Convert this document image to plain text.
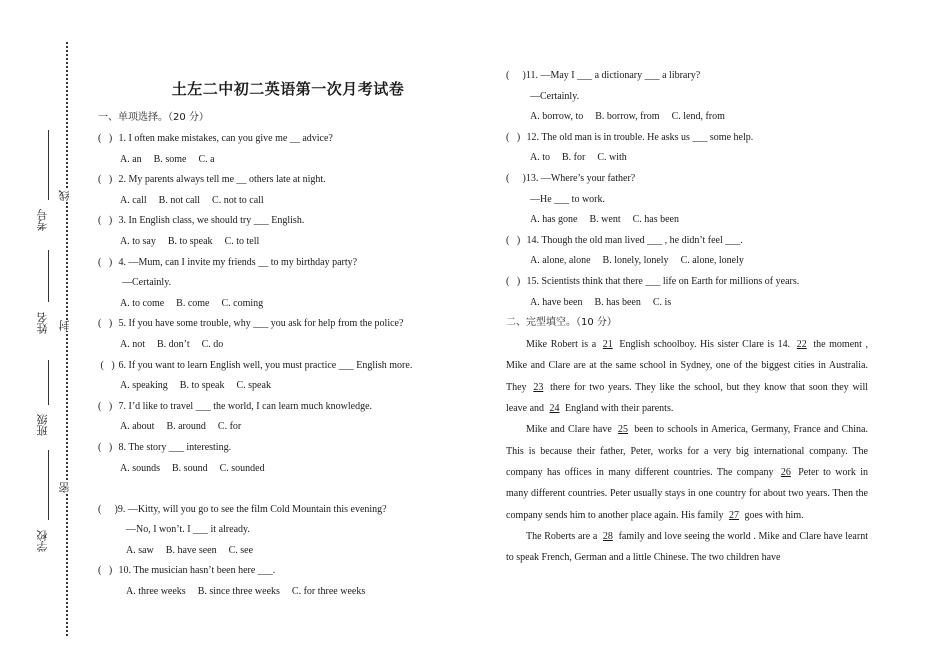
考号
姓名
班级
学校
线
封
密
土左二中初二英语第一次月考试卷
一、单项选择。（20 分）
(   ) 1. I often make mistakes, can you give me __ advice?
A. an B. some C. a
(   ) 2. My parents always tell me __ others late at night.
A. call B. not call C. not to call
(   ) 3. In English class, we should try ___ English.
A. to say B. to speak C. to tell
(   ) 4. —Mum, can I invite my friends __ to my birthday party?
—Certainly.
A. to come B. come C. coming
(   ) 5. If you have some trouble, why ___ you ask for help from the police?
A. not B. don’t C. do
(   ) 6. If you want to learn English well, you must practice ___ English more.
A. speaking B. to speak C. speak
(   ) 7. I’d like to travel ___ the world, I can learn much knowledge.
A. about B. around C. for
(   ) 8. The story ___ interesting.
A. sounds B. sound C. sounded
(    )9. —Kitty, will you go to see the film Cold Mountain this evening?
—No, I won’t. I ___ it already.
A. saw B. have seen C. see
(   ) 10. The musician hasn’t been here ___.
A. three weeks B. since three weeks C. for three weeks
(    )11. —May I ___ a dictionary ___ a library?
—Certainly.
A. borrow, to B. borrow, from C. lend, from
(   ) 12. The old man is in trouble. He asks us ___ some help.
A. to B. for C. with
(    )13. —Where’s your father?
—He ___ to work.
A. has gone B. went C. has been
(   ) 14. Though the old man lived ___ , he didn’t feel ___.
A. alone, alone B. lonely, lonely C. alone, lonely
(   ) 15. Scientists think that there ___ life on Earth for millions of years.
A. have been B. has been C. is
二、完型填空。（10 分）

Mike Robert is a 21 English schoolboy. His sister Clare is 14. 22 the moment , Mike and Clare are at the same school in Sydney, one of the biggest cities in Australia. They 23 there for two years. They like the school, but they know that soon they will leave and 24 England with their parents.

Mike and Clare have 25 been to schools in America, Germany, France and China. This is because their father, Peter, works for a very big international company. The company has offices in many different countries. The company 26 Peter to work in many different countries. Peter usually stays in one country for about two years. Then the company sends him to another place again. His family 27 goes with him.

The Roberts are a 28 family and love seeing the world . Mike and Clare have learnt to speak French, German and a little Chinese. The two children have
